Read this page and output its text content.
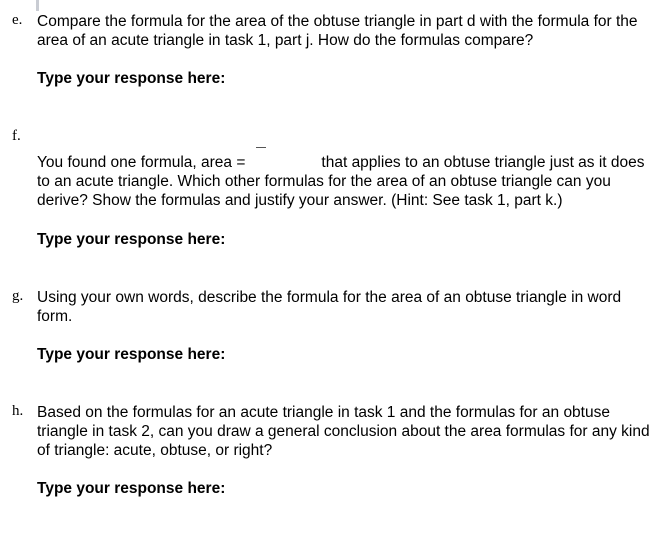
e. Compare the formula for the area of the obtuse triangle in part d with the formula for the area of an acute triangle in task 1, part j. How do the formulas compare?
Type your response here:
f.
You found one formula, area =	that applies to an obtuse triangle just as it does to an acute triangle. Which other formulas for the area of an obtuse triangle can you derive? Show the formulas and justify your answer. (Hint: See task 1, part k.)
Type your response here:
g. Using your own words, describe the formula for the area of an obtuse triangle in word form.
Type your response here:
h. Based on the formulas for an acute triangle in task 1 and the formulas for an obtuse triangle in task 2, can you draw a general conclusion about the area formulas for any kind of triangle: acute, obtuse, or right?
Type your response here:
